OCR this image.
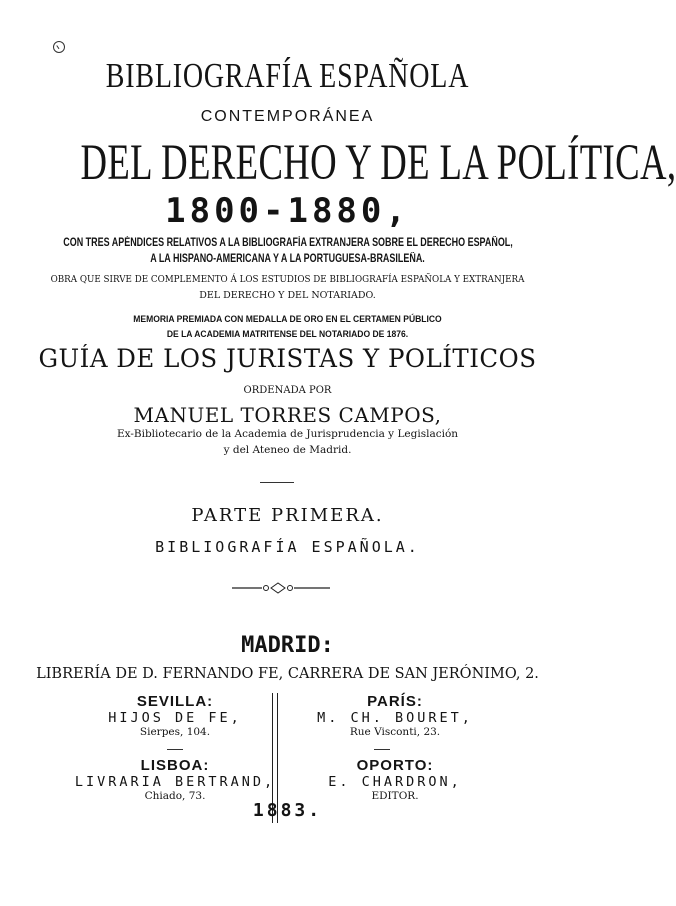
BIBLIOGRAFÍA ESPAÑOLA
CONTEMPORÁNEA
DEL DERECHO Y DE LA POLÍTICA,
1800-1880,
CON TRES APÉNDICES RELATIVOS A LA BIBLIOGRAFÍA EXTRANJERA SOBRE EL DERECHO ESPAÑOL,
A LA HISPANO-AMERICANA Y A LA PORTUGUESA-BRASILEÑA.
OBRA QUE SIRVE DE COMPLEMENTO Á LOS ESTUDIOS DE BIBLIOGRAFÍA ESPAÑOLA Y EXTRANJERA
DEL DERECHO Y DEL NOTARIADO.
MEMORIA PREMIADA CON MEDALLA DE ORO EN EL CERTAMEN PÚBLICO
DE LA ACADEMIA MATRITENSE DEL NOTARIADO DE 1876.
GUÍA DE LOS JURISTAS Y POLÍTICOS
ORDENADA POR
MANUEL TORRES CAMPOS,
Ex-Bibliotecario de la Academia de Jurisprudencia y Legislación
y del Ateneo de Madrid.
PARTE PRIMERA.
BIBLIOGRAFÍA ESPAÑOLA.
MADRID:
LIBRERÍA DE D. FERNANDO FE, CARRERA DE SAN JERÓNIMO, 2.
SEVILLA:
HIJOS DE FE,
Sierpes, 104.
PARÍS:
M. CH. BOURET,
Rue Visconti, 23.
LISBOA:
LIVRARIA BERTRAND,
Chiado, 73.
OPORTO:
E. CHARDRON,
EDITOR.
1883.
